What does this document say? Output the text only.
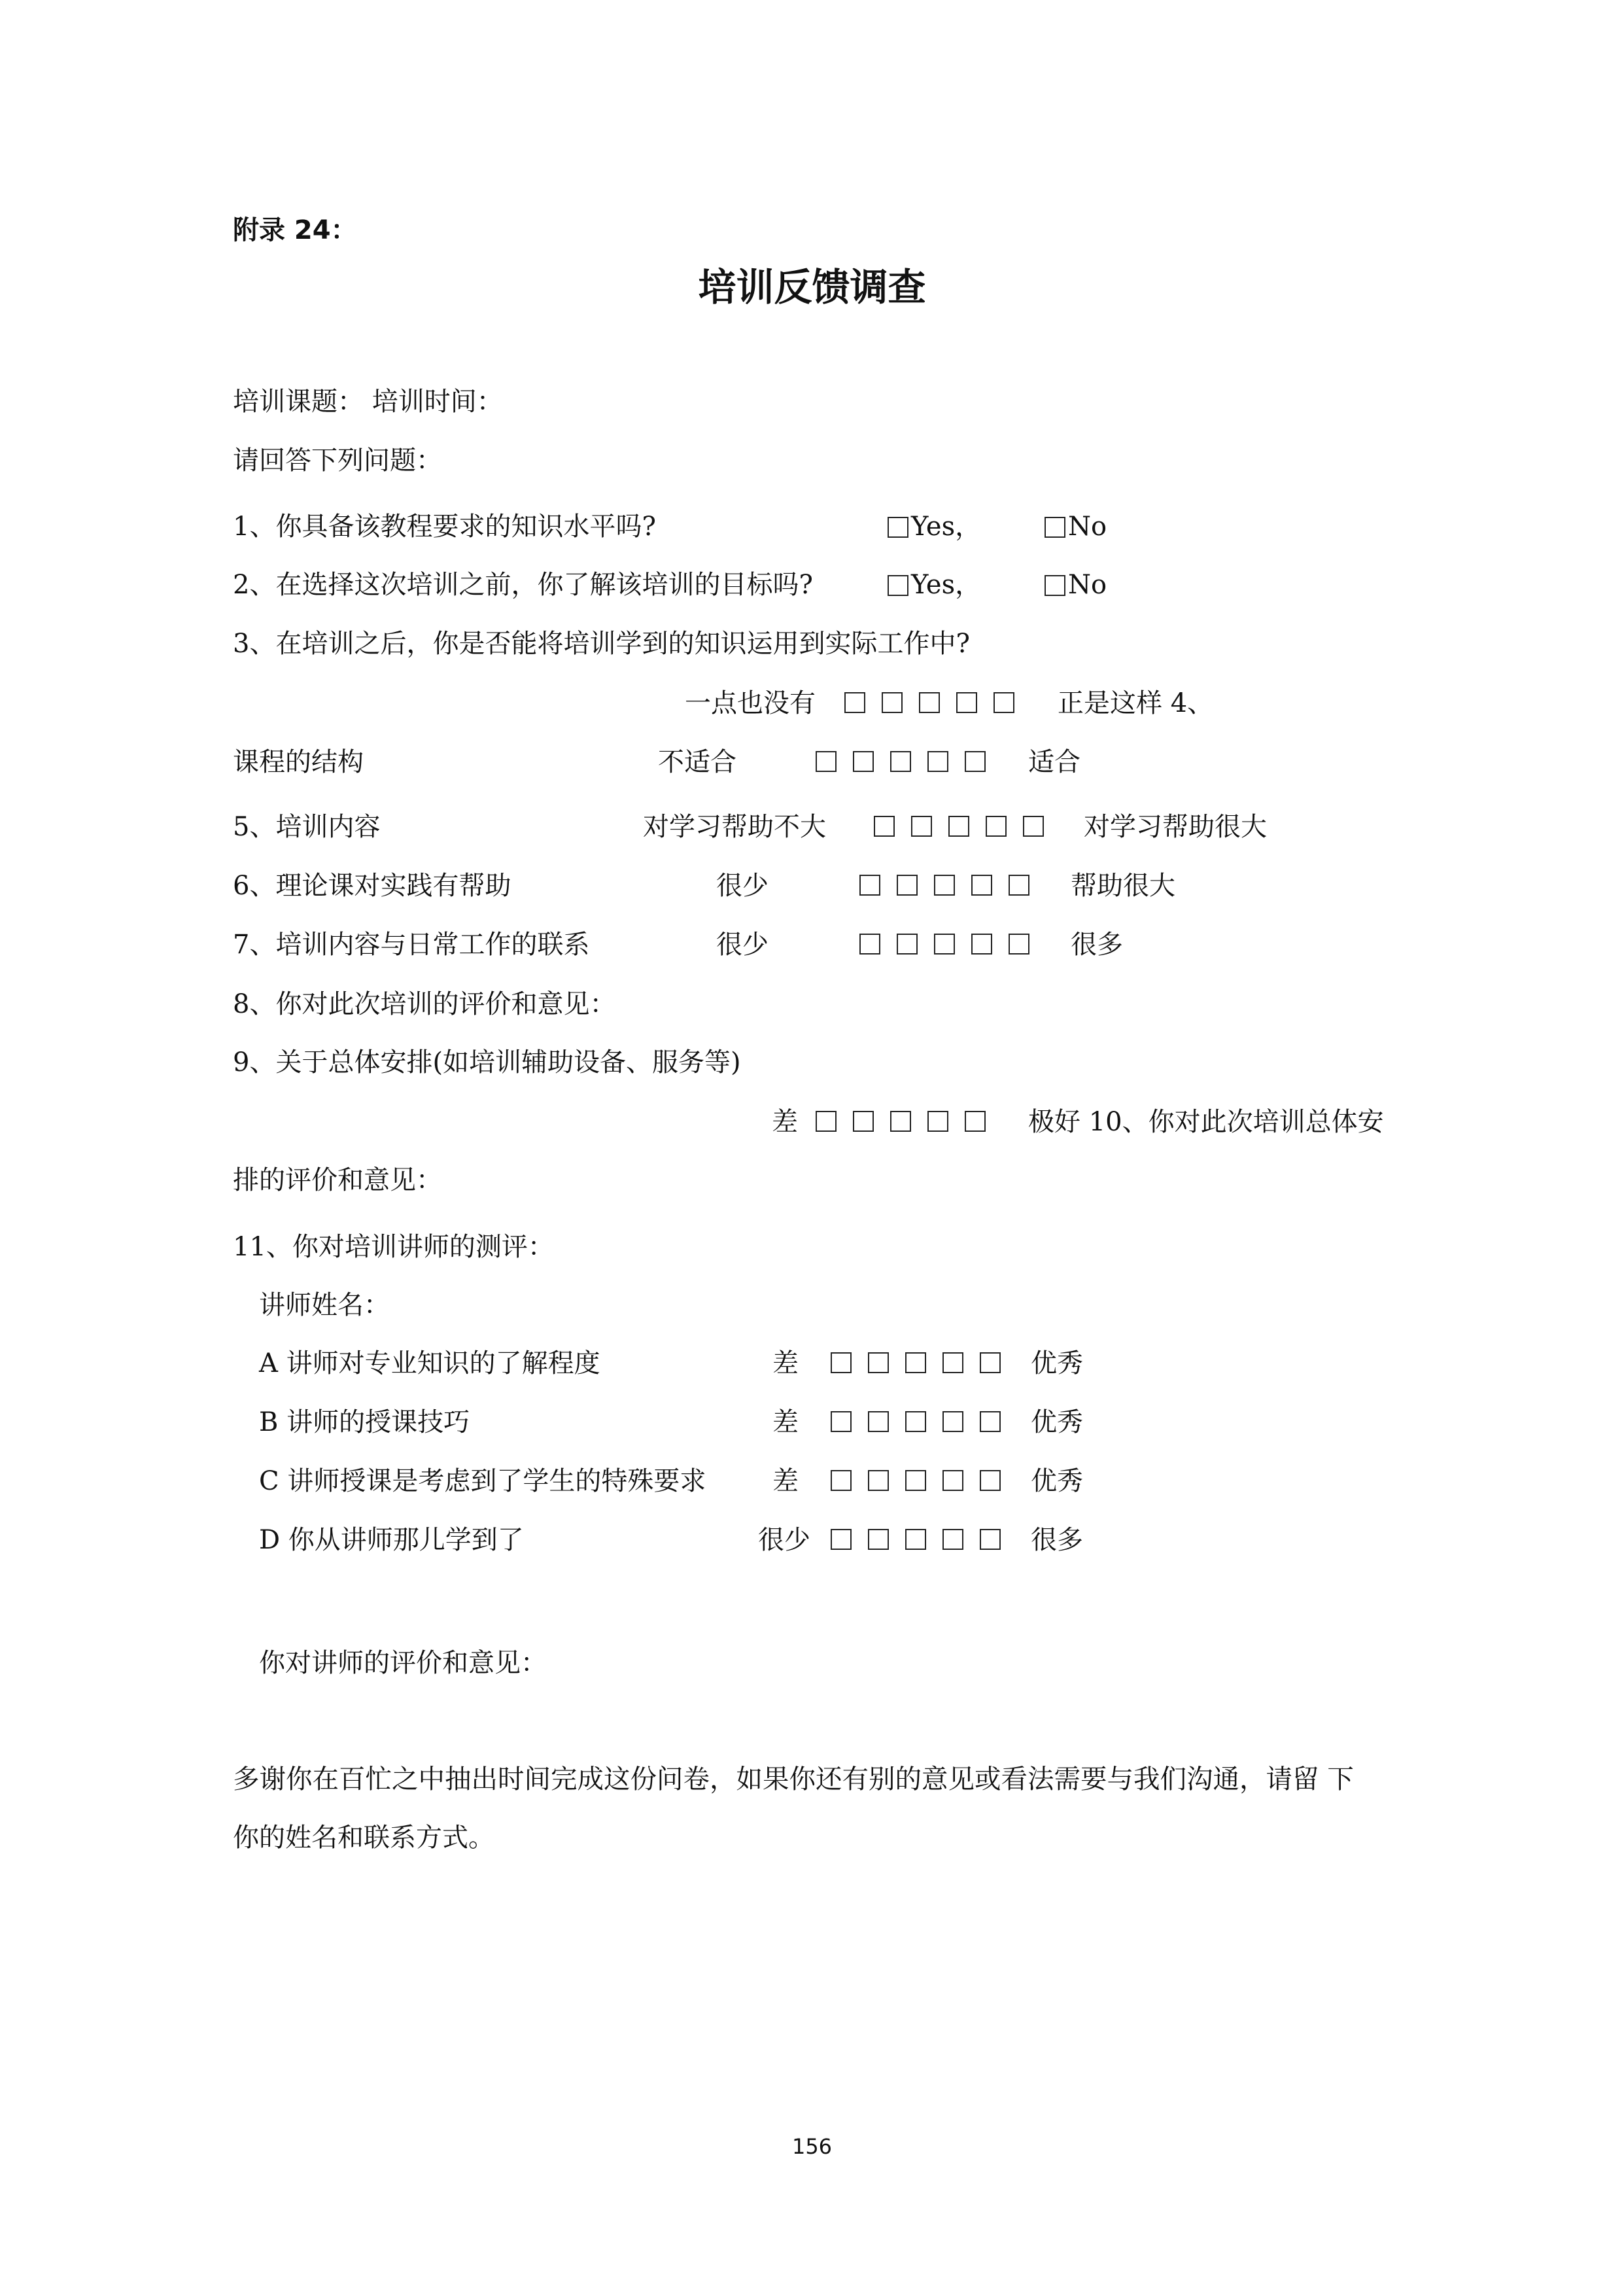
附录 24：
培训反馈调查
培训课题： 培训时间：
请回答下列问题：
1、你具备该教程要求的知识水平吗?	Yes，	No
2、在选择这次培训之前，你了解该培训的目标吗?	Yes，	No
3、在培训之后，你是否能将培训学到的知识运用到实际工作中?
一点也没有	正是这样 4、
课程的结构	不适合	适合
5、培训内容	对学习帮助不大	对学习帮助很大
6、理论课对实践有帮助	很少	帮助很大
7、培训内容与日常工作的联系	很少	很多
8、你对此次培训的评价和意见：
9、关于总体安排(如培训辅助设备、服务等)
差	极好 10、你对此次培训总体安
排的评价和意见：
11、你对培训讲师的测评：
讲师姓名：
A 讲师对专业知识的了解程度	差	优秀
B 讲师的授课技巧	差	优秀
C 讲师授课是考虑到了学生的特殊要求	差	优秀
D 你从讲师那儿学到了	很少	很多
你对讲师的评价和意见：
多谢你在百忙之中抽出时间完成这份问卷，如果你还有别的意见或看法需要与我们沟通，请留 下
你的姓名和联系方式。
156
